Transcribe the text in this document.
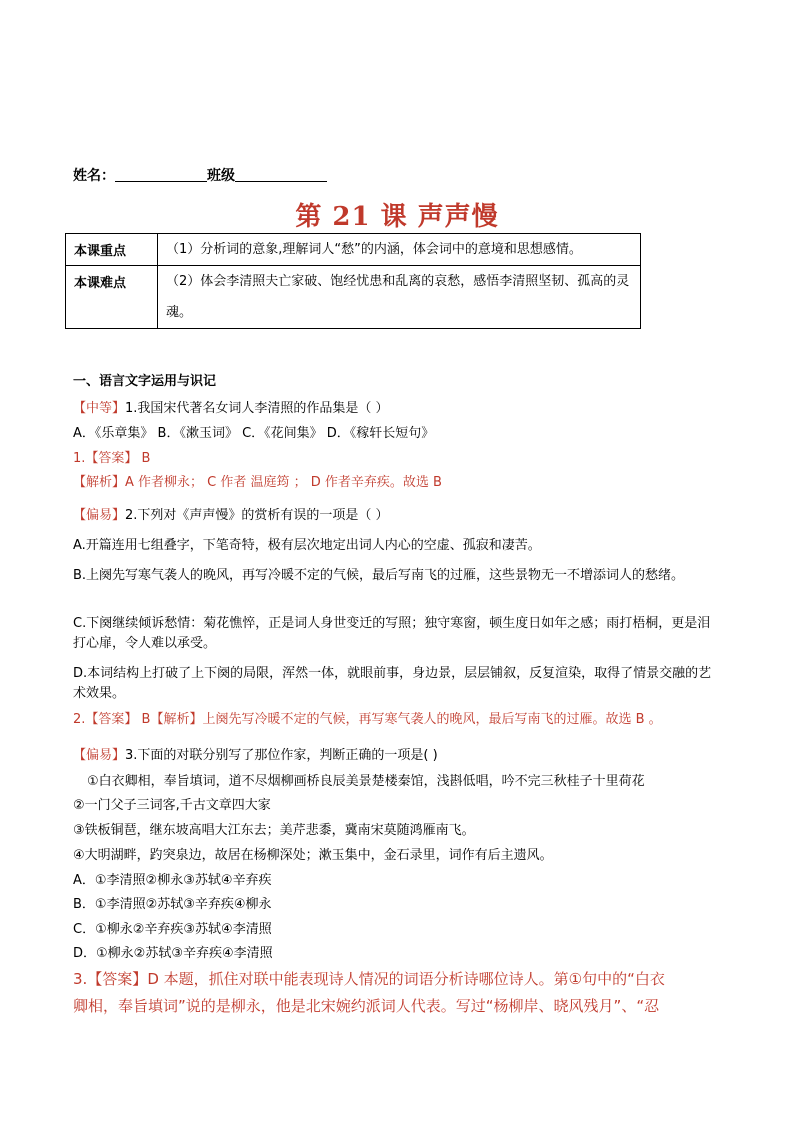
姓名：	班级
第 21 课 声声慢
本课重点	（1）分析词的意象,理解词人“愁”的内涵，体会词中的意境和思想感情。
本课难点	（2）体会李清照夫亡家破、饱经忧患和乱离的哀愁，感悟李清照坚韧、孤高的灵魂。
一、语言文字运用与识记
【中等】1.我国宋代著名女词人李清照的作品集是（ ）
A．《乐章集》 B．《漱玉词》 C．《花间集》 D．《稼轩长短句》
1.【答案】 B
【解析】A 作者柳永； C 作者 温庭筠 ； D 作者辛弃疾。故选 B
【偏易】2.下列对《声声慢》的赏析有误的一项是（ ）
A.开篇连用七组叠字，下笔奇特，极有层次地定出词人内心的空虚、孤寂和凄苦。
B.上阕先写寒气袭人的晚风，再写冷暖不定的气候，最后写南飞的过雁，这些景物无一不增添词人的愁绪。
C.下阕继续倾诉愁情：菊花憔悴，正是词人身世变迁的写照；独守寒窗，顿生度日如年之感；雨打梧桐，更是泪打心扉，令人难以承受。
D.本词结构上打破了上下阕的局限，浑然一体，就眼前事，身边景，层层铺叙，反复渲染，取得了情景交融的艺术效果。
2.【答案】 B【解析】上阕先写冷暖不定的气候，再写寒气袭人的晚风，最后写南飞的过雁。故选 B 。
【偏易】3.下面的对联分别写了那位作家，判断正确的一项是( )
①白衣卿相，奉旨填词，道不尽烟柳画桥良辰美景楚楼秦馆，浅斟低唱，吟不完三秋桂子十里荷花
②一门父子三词客,千古文章四大家
③铁板铜琶，继东坡高唱大江东去；美芹悲黍，冀南宋莫随鸿雁南飞。
④大明湖畔，趵突泉边，故居在杨柳深处；漱玉集中，金石录里，词作有后主遗风。
A．①李清照②柳永③苏轼④辛弃疾
B．①李清照②苏轼③辛弃疾④柳永
C．①柳永②辛弃疾③苏轼④李清照
D．①柳永②苏轼③辛弃疾④李清照
3.【答案】D 本题，抓住对联中能表现诗人情况的词语分析诗哪位诗人。第①句中的“白衣
卿相，奉旨填词”说的是柳永，他是北宋婉约派词人代表。写过“杨柳岸、晓风残月”、“忍
